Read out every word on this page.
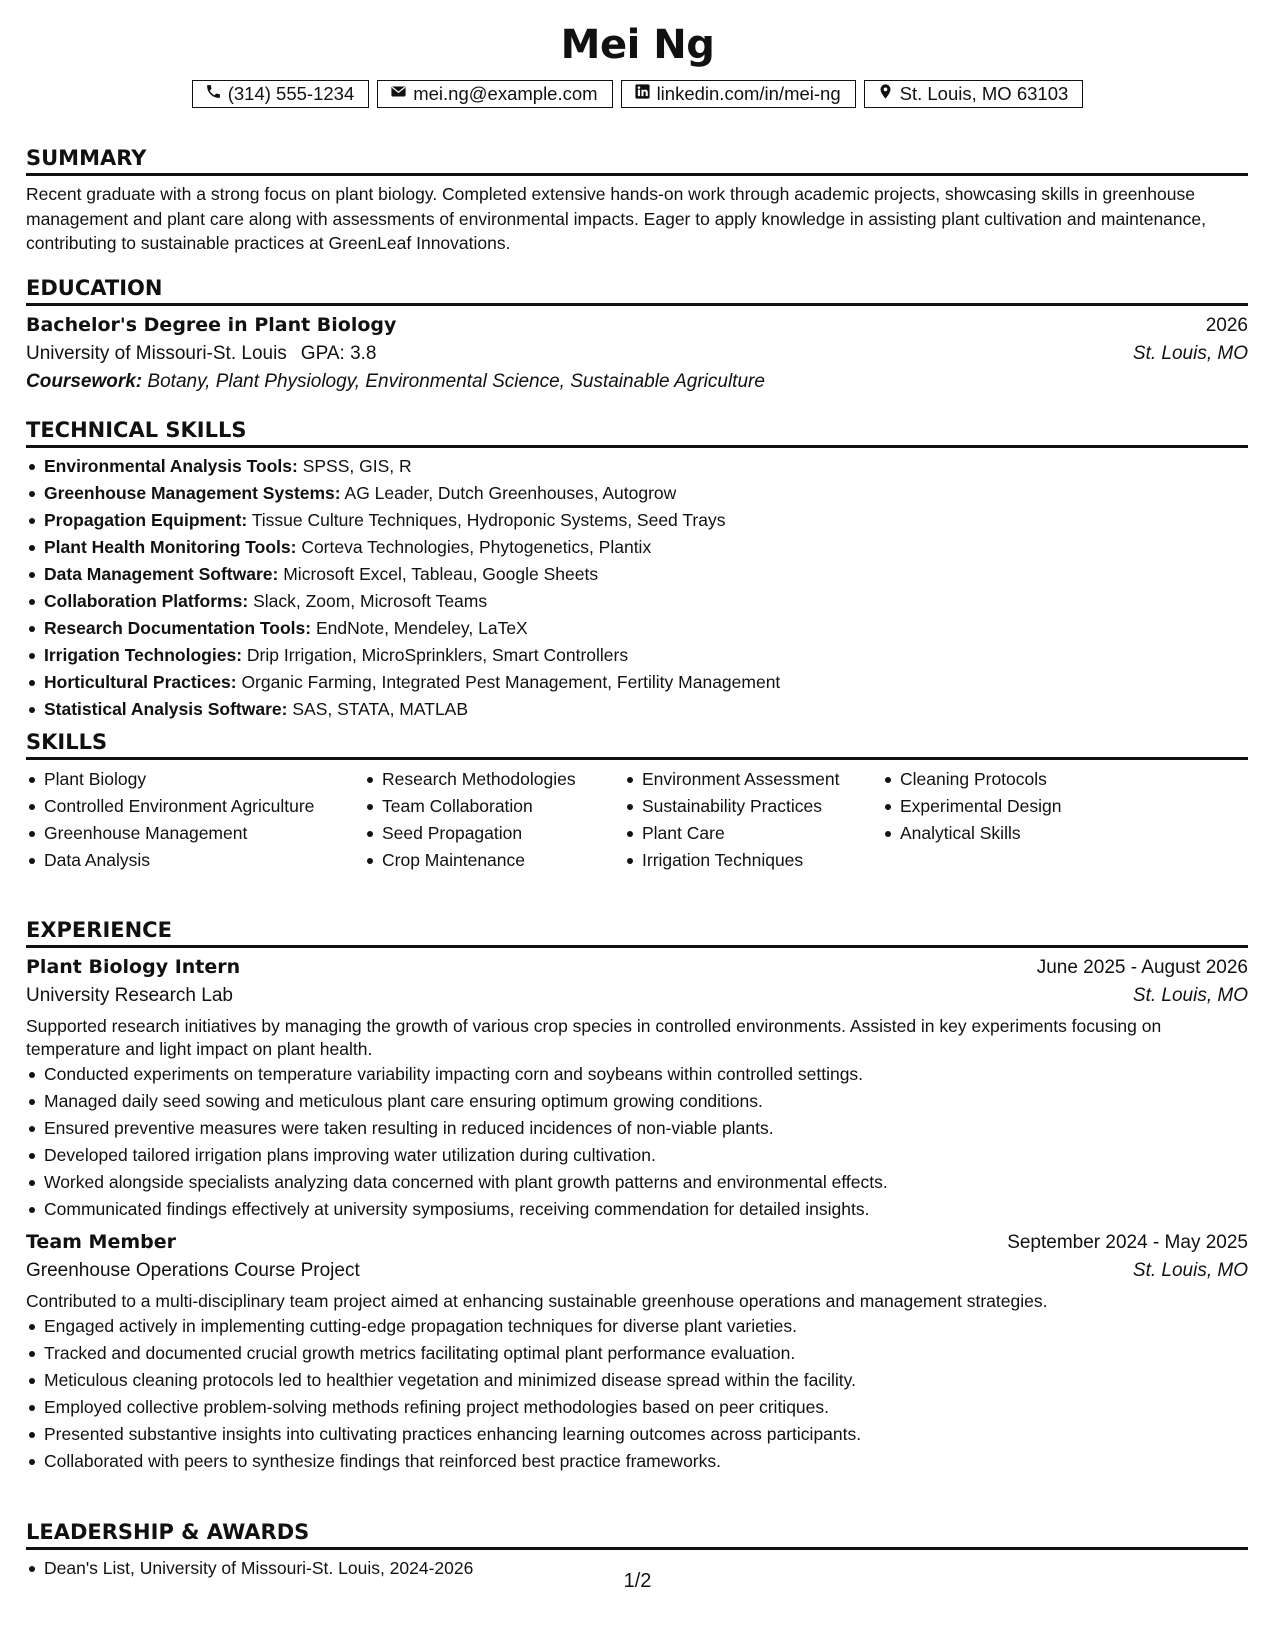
Mei Ng
(314) 555-1234	mei.ng@example.com	linkedin.com/in/mei-ng	St. Louis, MO 63103
SUMMARY
Recent graduate with a strong focus on plant biology. Completed extensive hands-on work through academic projects, showcasing skills in greenhouse management and plant care along with assessments of environmental impacts. Eager to apply knowledge in assisting plant cultivation and maintenance, contributing to sustainable practices at GreenLeaf Innovations.
EDUCATION
Bachelor's Degree in Plant Biology	2026
University of Missouri-St. Louis GPA: 3.8	St. Louis, MO
Coursework: Botany, Plant Physiology, Environmental Science, Sustainable Agriculture
TECHNICAL SKILLS
Environmental Analysis Tools: SPSS, GIS, R
Greenhouse Management Systems: AG Leader, Dutch Greenhouses, Autogrow
Propagation Equipment: Tissue Culture Techniques, Hydroponic Systems, Seed Trays
Plant Health Monitoring Tools: Corteva Technologies, Phytogenetics, Plantix
Data Management Software: Microsoft Excel, Tableau, Google Sheets
Collaboration Platforms: Slack, Zoom, Microsoft Teams
Research Documentation Tools: EndNote, Mendeley, LaTeX
Irrigation Technologies: Drip Irrigation, MicroSprinklers, Smart Controllers
Horticultural Practices: Organic Farming, Integrated Pest Management, Fertility Management
Statistical Analysis Software: SAS, STATA, MATLAB
SKILLS
Plant Biology
Controlled Environment Agriculture
Greenhouse Management
Data Analysis
Research Methodologies
Team Collaboration
Seed Propagation
Crop Maintenance
Environment Assessment
Sustainability Practices
Plant Care
Irrigation Techniques
Cleaning Protocols
Experimental Design
Analytical Skills
EXPERIENCE
Plant Biology Intern	June 2025 - August 2026
University Research Lab	St. Louis, MO
Supported research initiatives by managing the growth of various crop species in controlled environments. Assisted in key experiments focusing on temperature and light impact on plant health.
Conducted experiments on temperature variability impacting corn and soybeans within controlled settings.
Managed daily seed sowing and meticulous plant care ensuring optimum growing conditions.
Ensured preventive measures were taken resulting in reduced incidences of non-viable plants.
Developed tailored irrigation plans improving water utilization during cultivation.
Worked alongside specialists analyzing data concerned with plant growth patterns and environmental effects.
Communicated findings effectively at university symposiums, receiving commendation for detailed insights.
Team Member	September 2024 - May 2025
Greenhouse Operations Course Project	St. Louis, MO
Contributed to a multi-disciplinary team project aimed at enhancing sustainable greenhouse operations and management strategies.
Engaged actively in implementing cutting-edge propagation techniques for diverse plant varieties.
Tracked and documented crucial growth metrics facilitating optimal plant performance evaluation.
Meticulous cleaning protocols led to healthier vegetation and minimized disease spread within the facility.
Employed collective problem-solving methods refining project methodologies based on peer critiques.
Presented substantive insights into cultivating practices enhancing learning outcomes across participants.
Collaborated with peers to synthesize findings that reinforced best practice frameworks.
LEADERSHIP & AWARDS
Dean's List, University of Missouri-St. Louis, 2024-2026
1/2
